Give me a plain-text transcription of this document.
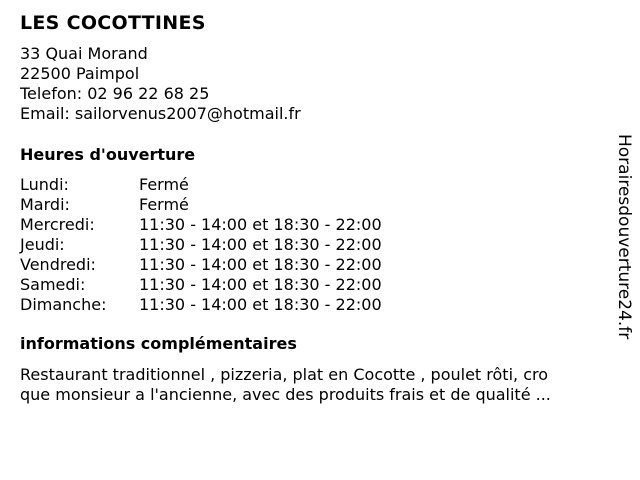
LES COCOTTINES
33 Quai Morand
22500 Paimpol
Telefon: 02 96 22 68 25
Email: sailorvenus2007@hotmail.fr
Heures d'ouverture
Lundi:	Fermé
Mardi:	Fermé
Mercredi:	11:30 - 14:00 et 18:30 - 22:00
Jeudi:	11:30 - 14:00 et 18:30 - 22:00
Vendredi:	11:30 - 14:00 et 18:30 - 22:00
Samedi:	11:30 - 14:00 et 18:30 - 22:00
Dimanche:	11:30 - 14:00 et 18:30 - 22:00
informations complémentaires
Restaurant traditionnel , pizzeria, plat en Cocotte , poulet rôti, cro
que monsieur a l'ancienne, avec des produits frais et de qualité ...
Horairesdouverture24.fr
